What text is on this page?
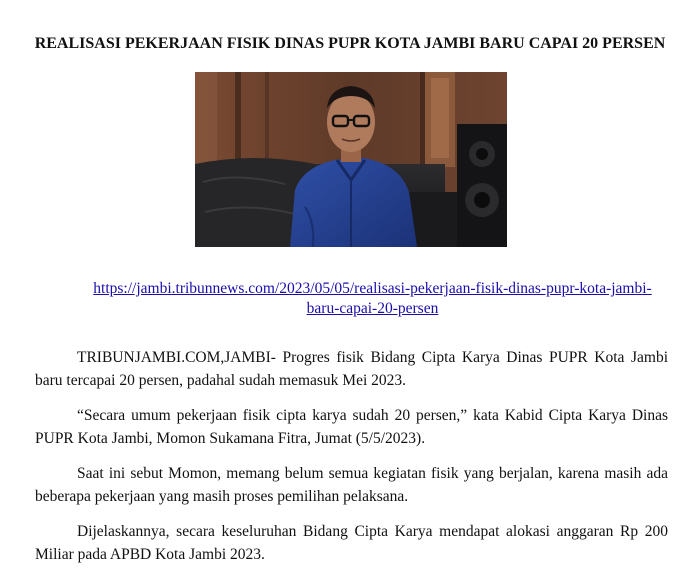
REALISASI PEKERJAAN FISIK DINAS PUPR KOTA JAMBI BARU CAPAI 20 PERSEN
https://jambi.tribunnews.com/2023/05/05/realisasi-pekerjaan-fisik-dinas-pupr-kota-jambi-baru-capai-20-persen

TRIBUNJAMBI.COM,JAMBI- Progres fisik Bidang Cipta Karya Dinas PUPR Kota Jambi baru tercapai 20 persen, padahal sudah memasuk Mei 2023.

“Secara umum pekerjaan fisik cipta karya sudah 20 persen,” kata Kabid Cipta Karya Dinas PUPR Kota Jambi, Momon Sukamana Fitra, Jumat (5/5/2023).

Saat ini sebut Momon, memang belum semua kegiatan fisik yang berjalan, karena masih ada beberapa pekerjaan yang masih proses pemilihan pelaksana.

Dijelaskannya, secara keseluruhan Bidang Cipta Karya mendapat alokasi anggaran Rp 200 Miliar pada APBD Kota Jambi 2023.
